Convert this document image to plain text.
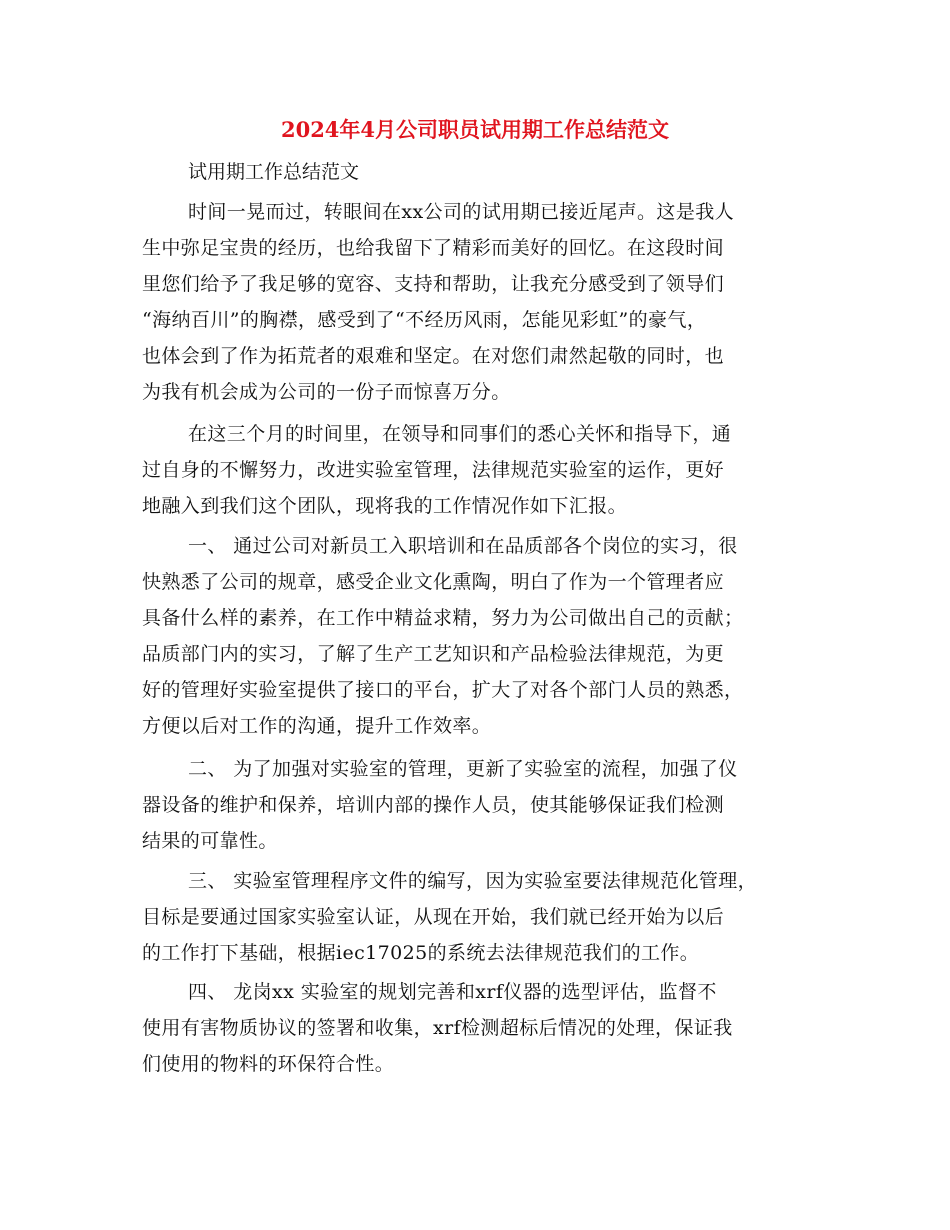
2024年4月公司职员试用期工作总结范文
试用期工作总结范文
时间一晃而过，转眼间在xx公司的试用期已接近尾声。这是我人
生中弥足宝贵的经历，也给我留下了精彩而美好的回忆。在这段时间
里您们给予了我足够的宽容、支持和帮助，让我充分感受到了领导们
“海纳百川”的胸襟，感受到了“不经历风雨，怎能见彩虹”的豪气，
也体会到了作为拓荒者的艰难和坚定。在对您们肃然起敬的同时，也
为我有机会成为公司的一份子而惊喜万分。
在这三个月的时间里，在领导和同事们的悉心关怀和指导下，通
过自身的不懈努力，改进实验室管理，法律规范实验室的运作，更好
地融入到我们这个团队，现将我的工作情况作如下汇报。
一、 通过公司对新员工入职培训和在品质部各个岗位的实习，很
快熟悉了公司的规章，感受企业文化熏陶，明白了作为一个管理者应
具备什么样的素养，在工作中精益求精，努力为公司做出自己的贡献；
品质部门内的实习，了解了生产工艺知识和产品检验法律规范，为更
好的管理好实验室提供了接口的平台，扩大了对各个部门人员的熟悉，
方便以后对工作的沟通，提升工作效率。
二、 为了加强对实验室的管理，更新了实验室的流程，加强了仪
器设备的维护和保养，培训内部的操作人员，使其能够保证我们检测
结果的可靠性。
三、 实验室管理程序文件的编写，因为实验室要法律规范化管理，
目标是要通过国家实验室认证，从现在开始，我们就已经开始为以后
的工作打下基础，根据iec17025的系统去法律规范我们的工作。
四、 龙岗xx 实验室的规划完善和xrf仪器的选型评估，监督不
使用有害物质协议的签署和收集，xrf检测超标后情况的处理，保证我
们使用的物料的环保符合性。
